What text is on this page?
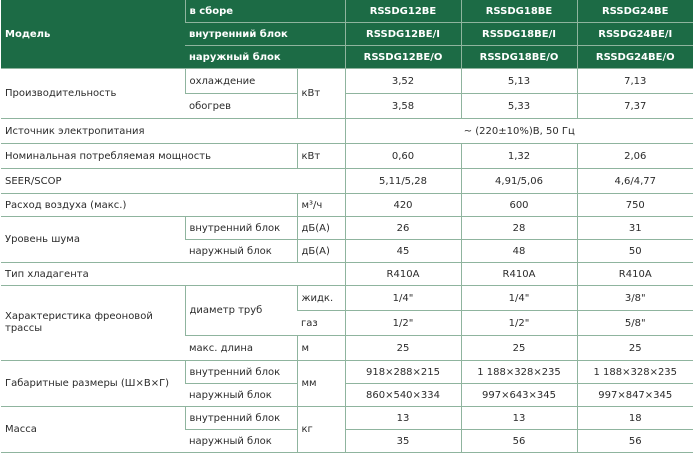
Модель	в сборе		RSSDG12BE	RSSDG18BE	RSSDG24BE
	внутренний блок		RSSDG12BE/I	RSSDG18BE/I	RSSDG24BE/I
	наружный блок		RSSDG12BE/O	RSSDG18BE/O	RSSDG24BE/O
Производительность	охлаждение	кВт	3,52	5,13	7,13
	обогрев		3,58	5,33	7,37
Источник электропитания			~ (220±10%)В, 50 Гц		
Номинальная потребляемая мощность		кВт	0,60	1,32	2,06
SEER/SCOP			5,11/5,28	4,91/5,06	4,6/4,77
Расход воздуха (макс.)		м³/ч	420	600	750
Уровень шума	внутренний блок	дБ(А)	26	28	31
	наружный блок	дБ(А)	45	48	50
Тип хладагента			R410A	R410A	R410A
Характеристика фреоновой трассы	диаметр труб	жидк.	1/4"	1/4"	3/8"
		газ	1/2"	1/2"	5/8"
	макс. длина	м	25	25	25
Габаритные размеры (Ш×В×Г)	внутренний блок	мм	918×288×215	1 188×328×235	1 188×328×235
	наружный блок		860×540×334	997×643×345	997×847×345
Масса	внутренний блок	кг	13	13	18
	наружный блок		35	56	56
